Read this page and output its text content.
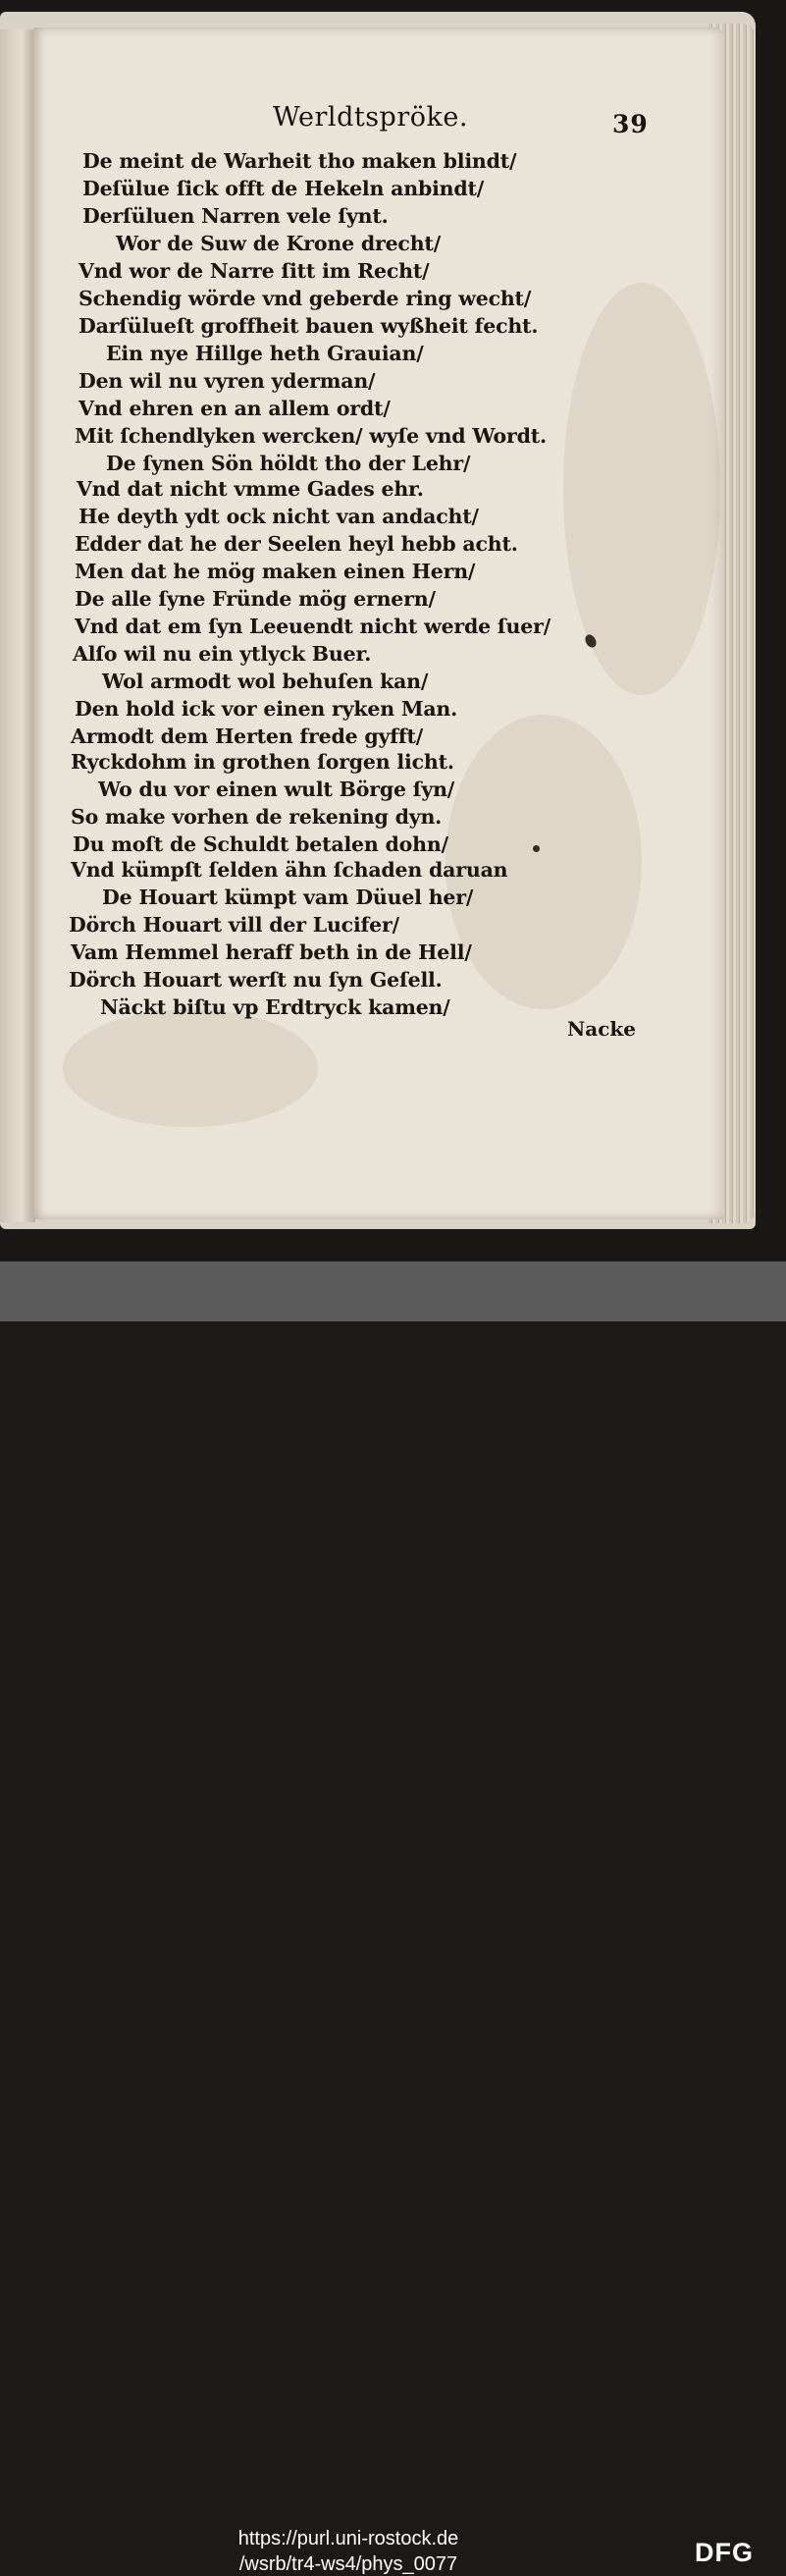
Werldtspröke.	39
De meint de Warheit tho maken blindt/
Deſülue ſick offt de Hekeln anbindt/
Derſüluen Narren vele ſynt.
Wor de Suw de Krone drecht/
Vnd wor de Narre ſitt im Recht/
Schendig wörde vnd geberde ring wecht/
Darſülueſt groffheit bauen wyßheit fecht.
Ein nye Hillge heth Grauian/
Den wil nu vyren yderman/
Vnd ehren en an allem ordt/
Mit ſchendlyken wercken/ wyſe vnd Wordt.
De ſynen Sön höldt tho der Lehr/
Vnd dat nicht vmme Gades ehr.
He deyth ydt ock nicht van andacht/
Edder dat he der Seelen heyl hebb acht.
Men dat he mög maken einen Hern/
De alle ſyne Fründe mög ernern/
Vnd dat em ſyn Leeuendt nicht werde ſuer/
Alſo wil nu ein ytlyck Buer.
Wol armodt wol behuſen kan/
Den hold ick vor einen ryken Man.
Armodt dem Herten frede gyfft/
Ryckdohm in grothen ſorgen licht.
Wo du vor einen wult Börge ſyn/
So make vorhen de rekening dyn.
Du moſt de Schuldt betalen dohn/
Vnd kümpſt ſelden ähn ſchaden daruan
De Houart kümpt vam Düuel her/
Dörch Houart vill der Lucifer/
Vam Hemmel heraff beth in de Hell/
Dörch Houart werſt nu ſyn Geſell.
Näckt biſtu vp Erdtryck kamen/
Nacke
https://purl.uni-rostock.de
/wsrb/tr4-ws4/phys_0077	DFG
